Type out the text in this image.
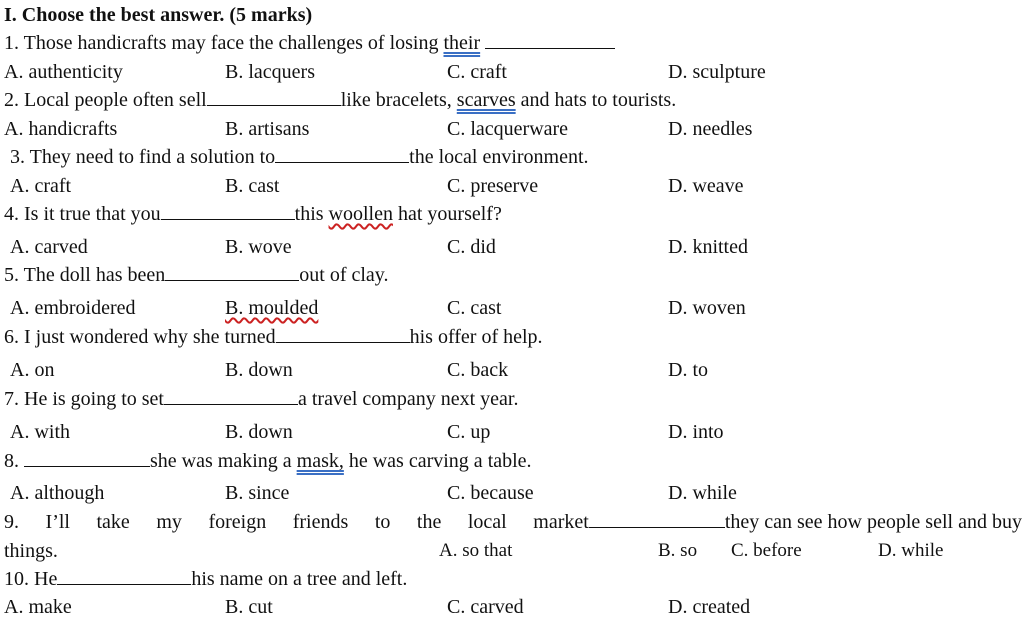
I. Choose the best answer. (5 marks)
1. Those handicrafts may face the challenges of losing their
A. authenticity	B. lacquers	C. craft	D. sculpture
2. Local people often sell	like bracelets, scarves and hats to tourists.
A. handicrafts	B. artisans	C. lacquerware	D. needles
3. They need to find a solution to	the local environment.
A. craft	B. cast	C. preserve	D. weave
4. Is it true that you	this woollen hat yourself?
A. carved	B. wove	C. did	D. knitted
5. The doll has been	out of clay.
A. embroidered	B. moulded	C. cast	D. woven
6. I just wondered why she turned	his offer of help.
A. on	B. down	C. back	D. to
7. He is going to set	a travel company next year.
A. with	B. down	C. up	D. into
8.	she was making a mask, he was carving a table.
A. although	B. since	C. because	D. while
9. I’ll take my foreign friends to the local market	they can see how people sell and buy
things.	A. so that	B. so C. before	D. while
10. He	his name on a tree and left.
A. make	B. cut	C. carved	D. created
